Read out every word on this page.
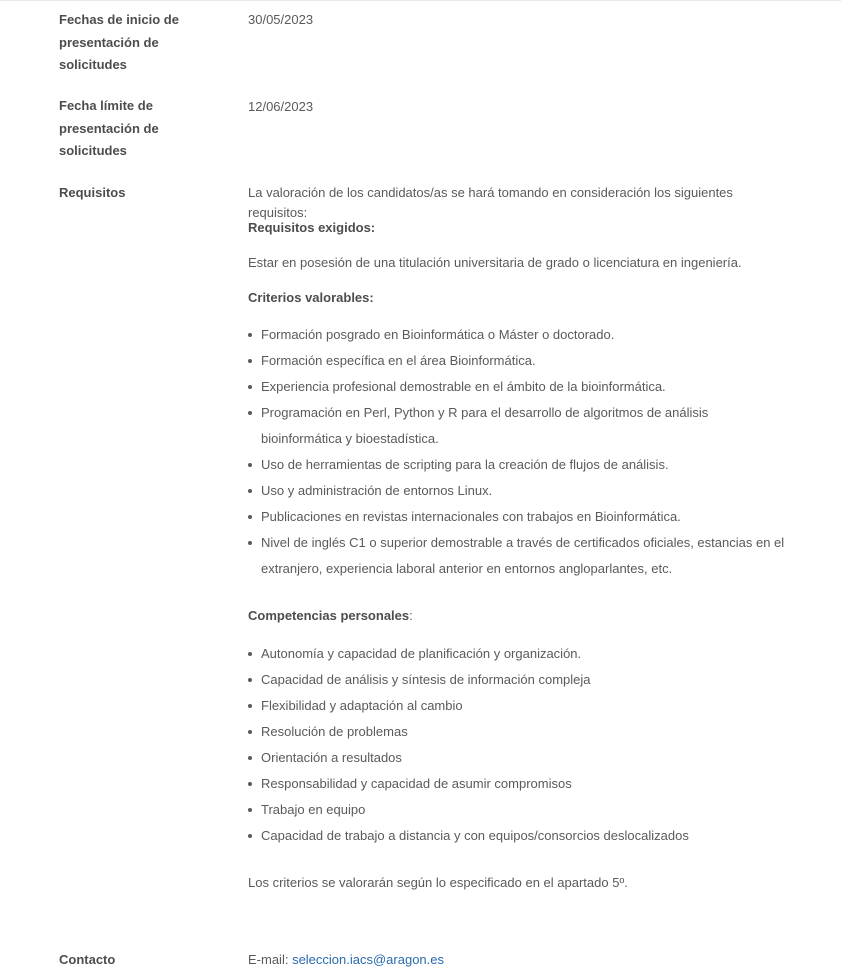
Fechas de inicio de presentación de solicitudes
30/05/2023
Fecha límite de presentación de solicitudes
12/06/2023
Requisitos	La valoración de los candidatos/as se hará tomando en consideración los siguientes requisitos:
Requisitos exigidos:
Estar en posesión de una titulación universitaria de grado o licenciatura en ingeniería.
Criterios valorables:
Formación posgrado en Bioinformática o Máster o doctorado.
Formación específica en el área Bioinformática.
Experiencia profesional demostrable en el ámbito de la bioinformática.
Programación en Perl, Python y R para el desarrollo de algoritmos de análisis bioinformática y bioestadística.
Uso de herramientas de scripting para la creación de flujos de análisis.
Uso y administración de entornos Linux.
Publicaciones en revistas internacionales con trabajos en Bioinformática.
Nivel de inglés C1 o superior demostrable a través de certificados oficiales, estancias en el extranjero, experiencia laboral anterior en entornos angloparlantes, etc.
Competencias personales:
Autonomía y capacidad de planificación y organización.
Capacidad de análisis y síntesis de información compleja
Flexibilidad y adaptación al cambio
Resolución de problemas
Orientación a resultados
Responsabilidad y capacidad de asumir compromisos
Trabajo en equipo
Capacidad de trabajo a distancia y con equipos/consorcios deslocalizados
Los criterios se valorarán según lo especificado en el apartado 5º.
Contacto	E-mail: seleccion.iacs@aragon.es
